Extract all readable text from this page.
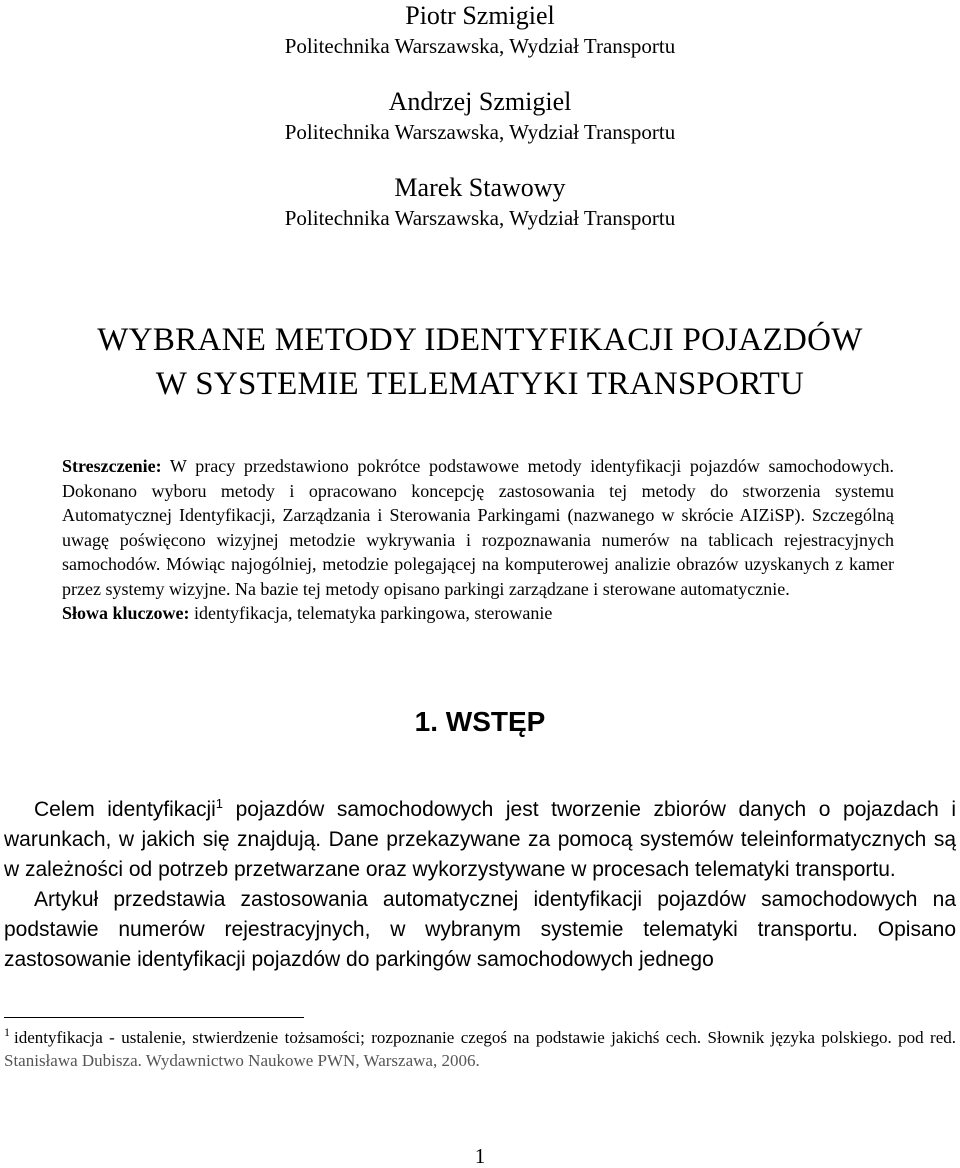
Piotr Szmigiel
Politechnika Warszawska, Wydział Transportu
Andrzej Szmigiel
Politechnika Warszawska, Wydział Transportu
Marek Stawowy
Politechnika Warszawska, Wydział Transportu
WYBRANE METODY IDENTYFIKACJI POJAZDÓW
W SYSTEMIE TELEMATYKI TRANSPORTU
Streszczenie: W pracy przedstawiono pokrótce podstawowe metody identyfikacji pojazdów samochodowych. Dokonano wyboru metody i opracowano koncepcję zastosowania tej metody do stworzenia systemu Automatycznej Identyfikacji, Zarządzania i Sterowania Parkingami (nazwanego w skrócie AIZiSP). Szczególną uwagę poświęcono wizyjnej metodzie wykrywania i rozpoznawania numerów na tablicach rejestracyjnych samochodów. Mówiąc najogólniej, metodzie polegającej na komputerowej analizie obrazów uzyskanych z kamer przez systemy wizyjne. Na bazie tej metody opisano parkingi zarządzane i sterowane automatycznie.
Słowa kluczowe: identyfikacja, telematyka parkingowa, sterowanie
1. WSTĘP

Celem identyfikacji$^1$ pojazdów samochodowych jest tworzenie zbiorów danych o pojazdach i warunkach, w jakich się znajdują. Dane przekazywane za pomocą systemów teleinformatycznych są w zależności od potrzeb przetwarzane oraz wykorzystywane w procesach telematyki transportu.

Artykuł przedstawia zastosowania automatycznej identyfikacji pojazdów samochodowych na podstawie numerów rejestracyjnych, w wybranym systemie telematyki transportu. Opisano zastosowanie identyfikacji pojazdów do parkingów samochodowych jednego

$^1$ identyfikacja - ustalenie, stwierdzenie tożsamości; rozpoznanie czegoś na podstawie jakichś cech. Słownik języka polskiego. pod red. Stanisława Dubisza. Wydawnictwo Naukowe PWN, Warszawa, 2006.
1
